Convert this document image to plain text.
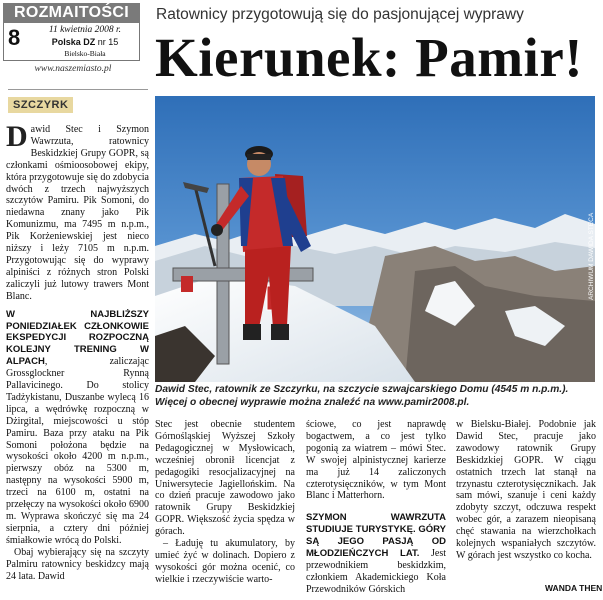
ROZMAITOŚCI
8	11 kwietnia 2008 r.
Polska DZ nr 15
Bielsko-Biała
www.naszemiasto.pl
Ratownicy przygotowują się do pasjonującej wyprawy
Kierunek: Pamir!
SZCZYRK

Dawid Stec i Szymon Wawrzuta, ratownicy Beskidzkiej Grupy GOPR, są członkami ośmioosobowej ekipy, która przygotowuje się do zdobycia dwóch z trzech najwyższych szczytów Pamiru. Pik Somoni, do niedawna znany jako Pik Komunizmu, ma 7495 m n.p.m., Pik Korżeniewskiej jest nieco niższy i leży 7105 m n.p.m. Przygotowując się do wyprawy alpiniści z różnych stron Polski zaliczyli już lutowy trawers Mont Blanc.

W NAJBLIŻSZY PONIEDZIAŁEK CZŁONKOWIE EKSPEDYCJI ROZPOCZNĄ KOLEJNY TRENING W ALPACH, zaliczając Grossglockner Rynną Pallavicinego. Do stolicy Tadżykistanu, Duszanbe wylecą 16 lipca, a wędrówkę rozpoczną w Dżirgital, miejscowości u stóp Pamiru. Baza przy ataku na Pik Somoni położona będzie na wysokości około 4200 m n.p.m., pierwszy obóz na 5300 m, następny na wysokości 5900 m, trzeci na 6100 m, ostatni na przełęczy na wysokości około 6900 m. Wyprawa skończyć się ma 24 sierpnia, a cztery dni później śmiałkowie wrócą do Polski.

Obaj wybierający się na szczyty Palmiru ratownicy beskidzcy mają 24 lata. Dawid

ARCHIWUM DAWIDA STECA
Dawid Stec, ratownik ze Szczyrku, na szczycie szwajcarskiego Domu (4545 m n.p.m.).
Więcej o obecnej wyprawie można znaleźć na www.pamir2008.pl.

Stec jest obecnie studentem Górnośląskiej Wyższej Szkoły Pedagogicznej w Mysłowicach, wcześniej obronił licencjat z pedagogiki resocjalizacyjnej na Uniwersytecie Jagiellońskim. Na co dzień pracuje zawodowo jako ratownik Grupy Beskidzkiej GOPR. Większość życia spędza w górach.

– Ładuję tu akumulatory, by umieć żyć w dolinach. Dopiero z wysokości gór można ocenić, co wielkie i rzeczywiście warto-

ściowe, co jest naprawdę bogactwem, a co jest tylko pogonią za wiatrem – mówi Stec. W swojej alpinistycznej karierze ma już 14 zaliczonych czterotysięczników, w tym Mont Blanc i Matterhorn.

SZYMON WAWRZUTA STUDIUJE TURYSTYKĘ. GÓRY SĄ JEGO PASJĄ OD MŁODZIEŃCZYCH LAT. Jest przewodnikiem beskidzkim, członkiem Akademickiego Koła Przewodników Górskich

w Bielsku-Białej. Podobnie jak Dawid Stec, pracuje jako zawodowy ratownik Grupy Beskidzkiej GOPR. W ciągu ostatnich trzech lat stanął na trzynastu czterotysięcznikach. Jak sam mówi, szanuje i ceni każdy zdobyty szczyt, odczuwa respekt wobec gór, a zarazem nieopisaną chęć stawania na wierzchołkach kolejnych wspaniałych szczytów. W górach jest wszystko co kocha.

WANDA THEN
